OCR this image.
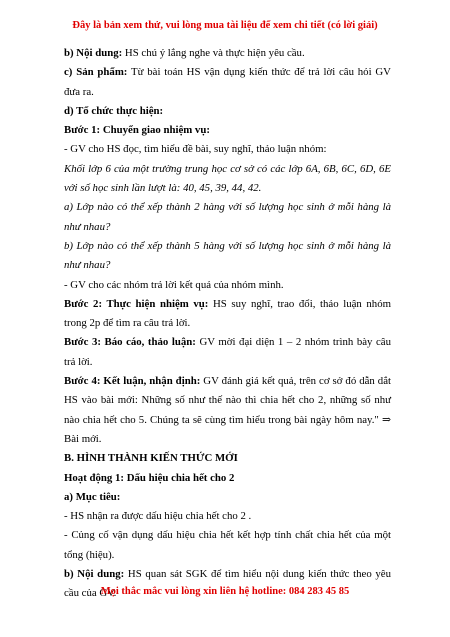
Đây là bản xem thử, vui lòng mua tài liệu để xem chi tiết (có lời giải)

b) Nội dung: HS chú ý lắng nghe và thực hiện yêu cầu.

c) Sản phẩm: Từ bài toán HS vận dụng kiến thức để trả lời câu hỏi GV đưa ra.

d) Tổ chức thực hiện:

Bước 1: Chuyển giao nhiệm vụ:

- GV cho HS đọc, tìm hiểu đề bài, suy nghĩ, thảo luận nhóm:

Khối lớp 6 của một trường trung học cơ sở có các lớp 6A, 6B, 6C, 6D, 6E với số học sinh lần lượt là: 40, 45, 39, 44, 42.

a) Lớp nào có thể xếp thành 2 hàng với số lượng học sinh ở mỗi hàng là như nhau?

b) Lớp nào có thể xếp thành 5 hàng với số lượng học sinh ở mỗi hàng là như nhau?

- GV cho các nhóm trả lời kết quả của nhóm mình.

Bước 2: Thực hiện nhiệm vụ: HS suy nghĩ, trao đổi, thảo luận nhóm trong 2p để tìm ra câu trả lời.

Bước 3: Báo cáo, thảo luận: GV mời đại diện 1 – 2 nhóm trình bày câu trả lời.

Bước 4: Kết luận, nhận định: GV đánh giá kết quả, trên cơ sở đó dẫn dắt HS vào bài mới: Những số như thế nào thì chia hết cho 2, những số như nào chia hết cho 5. Chúng ta sẽ cùng tìm hiểu trong bài ngày hôm nay." ⇒ Bài mới.

B. HÌNH THÀNH KIẾN THỨC MỚI

Hoạt động 1: Dấu hiệu chia hết cho 2

a) Mục tiêu:

- HS nhận ra được dấu hiệu chia hết cho 2 .

- Củng cố vận dụng dấu hiệu chia hết kết hợp tính chất chia hết của một tổng (hiệu).

b) Nội dung: HS quan sát SGK để tìm hiểu nội dung kiến thức theo yêu cầu của GV.

Mọi thắc mắc vui lòng xin liên hệ hotline: 084 283 45 85
